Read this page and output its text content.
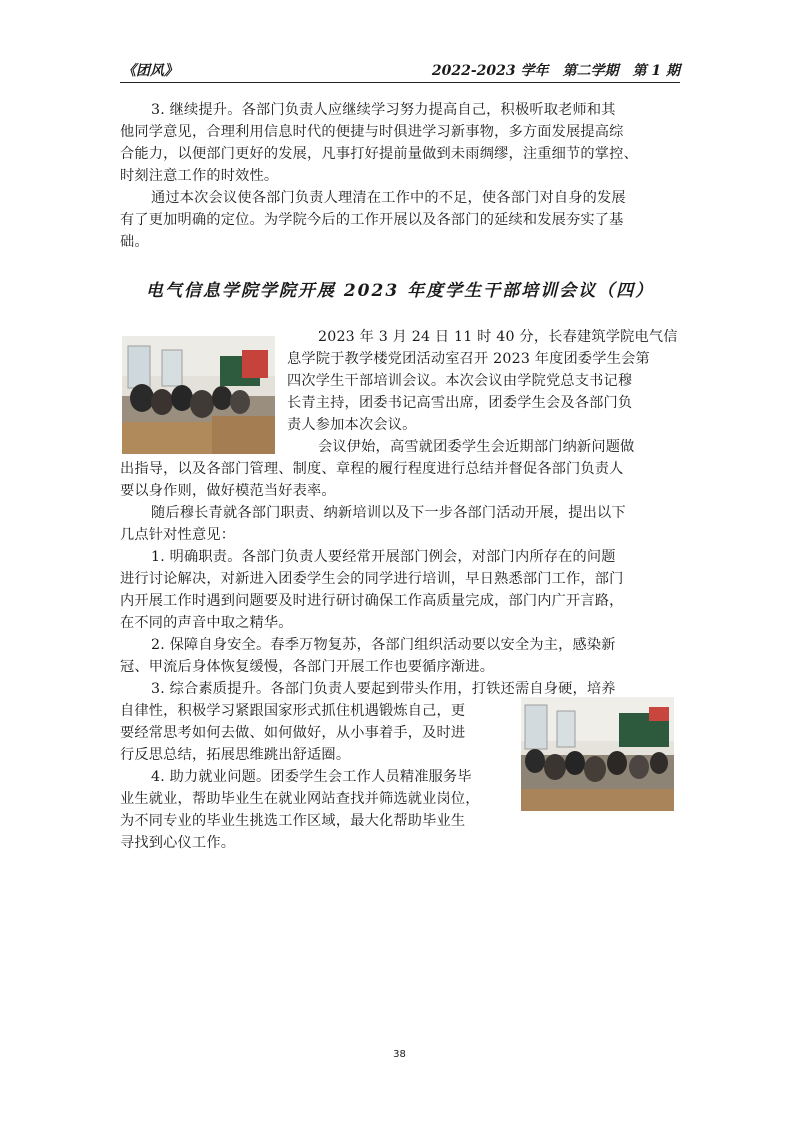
《团风》	2022-2023 学年　第二学期　第 1 期

3. 继续提升。各部门负责人应继续学习努力提高自己，积极听取老师和其

他同学意见，合理利用信息时代的便捷与时俱进学习新事物，多方面发展提高综

合能力，以便部门更好的发展，凡事打好提前量做到未雨绸缪，注重细节的掌控、

时刻注意工作的时效性。

通过本次会议使各部门负责人理清在工作中的不足，使各部门对自身的发展

有了更加明确的定位。为学院今后的工作开展以及各部门的延续和发展夯实了基

础。

电气信息学院学院开展 2023 年度学生干部培训会议（四）

2023 年 3 月 24 日 11 时 40 分，长春建筑学院电气信

息学院于教学楼党团活动室召开 2023 年度团委学生会第

四次学生干部培训会议。本次会议由学院党总支书记穆

长青主持，团委书记高雪出席，团委学生会及各部门负

责人参加本次会议。

会议伊始，高雪就团委学生会近期部门纳新问题做

出指导，以及各部门管理、制度、章程的履行程度进行总结并督促各部门负责人

要以身作则，做好模范当好表率。

随后穆长青就各部门职责、纳新培训以及下一步各部门活动开展，提出以下

几点针对性意见：

1. 明确职责。各部门负责人要经常开展部门例会，对部门内所存在的问题

进行讨论解决，对新进入团委学生会的同学进行培训，早日熟悉部门工作，部门

内开展工作时遇到问题要及时进行研讨确保工作高质量完成，部门内广开言路，

在不同的声音中取之精华。

2. 保障自身安全。春季万物复苏，各部门组织活动要以安全为主，感染新

冠、甲流后身体恢复缓慢，各部门开展工作也要循序渐进。

3. 综合素质提升。各部门负责人要起到带头作用，打铁还需自身硬，培养

自律性，积极学习紧跟国家形式抓住机遇锻炼自己，更

要经常思考如何去做、如何做好，从小事着手，及时进

行反思总结，拓展思维跳出舒适圈。

4. 助力就业问题。团委学生会工作人员精准服务毕

业生就业，帮助毕业生在就业网站查找并筛选就业岗位，

为不同专业的毕业生挑选工作区域，最大化帮助毕业生

寻找到心仪工作。

38
